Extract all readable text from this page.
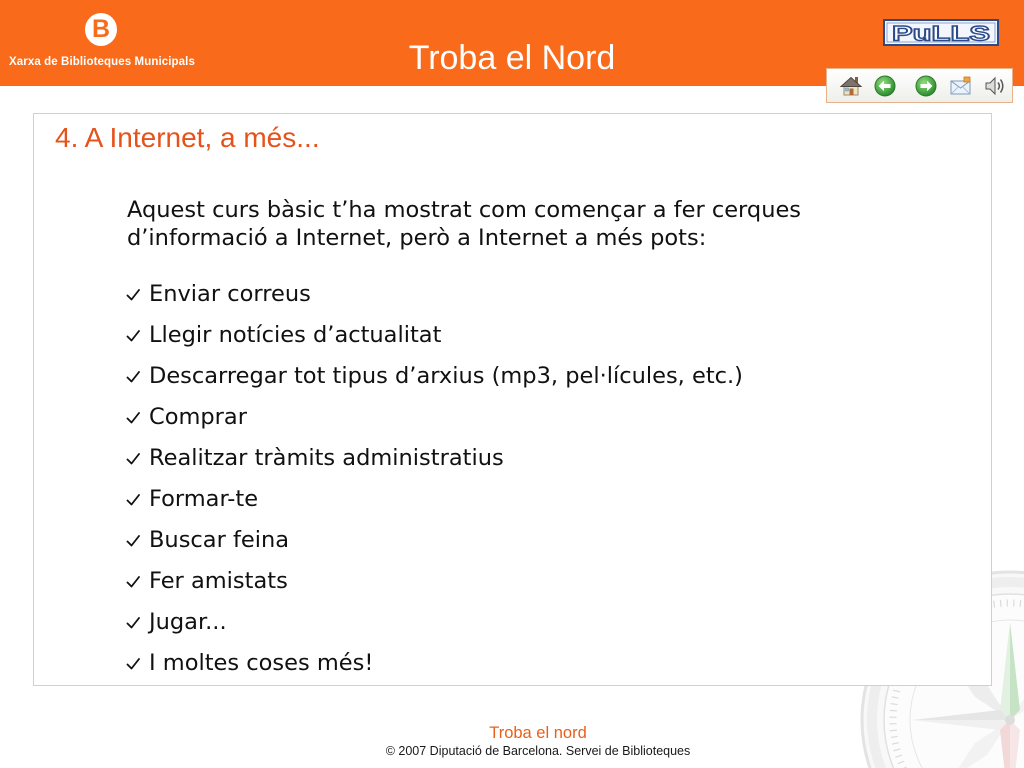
B
Xarxa de Biblioteques Municipals	Troba el Nord
PuLLS
4. A Internet, a més...
Aquest curs bàsic t’ha mostrat com començar a fer cerques d’informació a Internet, però a Internet a més pots:
Enviar correus
Llegir notícies d’actualitat
Descarregar tot tipus d’arxius (mp3, pel·lícules, etc.)
Comprar
Realitzar tràmits administratius
Formar-te
Buscar feina
Fer amistats
Jugar...
I moltes coses més!
Troba el nord
© 2007 Diputació de Barcelona. Servei de Biblioteques
